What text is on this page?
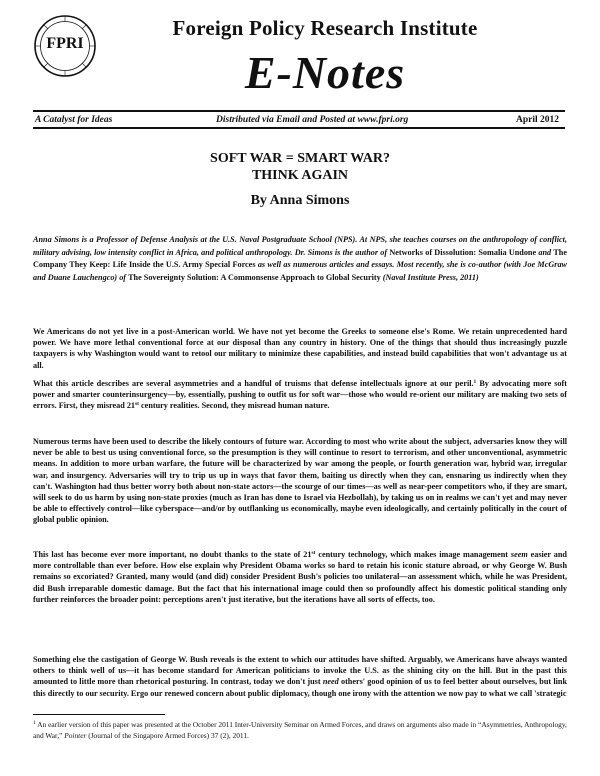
FPRI
Foreign Policy Research Institute
E-Notes
A Catalyst for Ideas	Distributed via Email and Posted at www.fpri.org	April 2012
SOFT WAR = SMART WAR?
THINK AGAIN
By Anna Simons
Anna Simons is a Professor of Defense Analysis at the U.S. Naval Postgraduate School (NPS). At NPS, she teaches courses on the anthropology of conflict, military advising, low intensity conflict in Africa, and political anthropology. Dr. Simons is the author of Networks of Dissolution: Somalia Undone and The Company They Keep: Life Inside the U.S. Army Special Forces as well as numerous articles and essays. Most recently, she is co-author (with Joe McGraw and Duane Lauchengco) of The Sovereignty Solution: A Commonsense Approach to Global Security (Naval Institute Press, 2011)

We Americans do not yet live in a post-American world. We have not yet become the Greeks to someone else's Rome. We retain unprecedented hard power. We have more lethal conventional force at our disposal than any country in history. One of the things that should thus increasingly puzzle taxpayers is why Washington would want to retool our military to minimize these capabilities, and instead build capabilities that won't advantage us at all.

What this article describes are several asymmetries and a handful of truisms that defense intellectuals ignore at our peril.$^1$ By advocating more soft power and smarter counterinsurgency—by, essentially, pushing to outfit us for soft war—those who would re-orient our military are making two sets of errors. First, they misread 21st century realities. Second, they misread human nature.

Numerous terms have been used to describe the likely contours of future war. According to most who write about the subject, adversaries know they will never be able to best us using conventional force, so the presumption is they will continue to resort to terrorism, and other unconventional, asymmetric means. In addition to more urban warfare, the future will be characterized by war among the people, or fourth generation war, hybrid war, irregular war, and insurgency. Adversaries will try to trip us up in ways that favor them, baiting us directly when they can, ensnaring us indirectly when they can't. Washington had thus better worry both about non-state actors—the scourge of our times—as well as near-peer competitors who, if they are smart, will seek to do us harm by using non-state proxies (much as Iran has done to Israel via Hezbollah), by taking us on in realms we can't yet and may never be able to effectively control—like cyberspace—and/or by outflanking us economically, maybe even ideologically, and certainly politically in the court of global public opinion.

This last has become ever more important, no doubt thanks to the state of 21st century technology, which makes image management seem easier and more controllable than ever before. How else explain why President Obama works so hard to retain his iconic stature abroad, or why George W. Bush remains so excoriated? Granted, many would (and did) consider President Bush's policies too unilateral—an assessment which, while he was President, did Bush irreparable domestic damage. But the fact that his international image could then so profoundly affect his domestic political standing only further reinforces the broader point: perceptions aren't just iterative, but the iterations have all sorts of effects, too.

Something else the castigation of George W. Bush reveals is the extent to which our attitudes have shifted. Arguably, we Americans have always wanted others to think well of us—it has become standard for American politicians to invoke the U.S. as the shining city on the hill. But in the past this amounted to little more than rhetorical posturing. In contrast, today we don't just need others' good opinion of us to feel better about ourselves, but link this directly to our security. Ergo our renewed concern about public diplomacy, though one irony with the attention we now pay to what we call 'strategic

$^1$ An earlier version of this paper was presented at the October 2011 Inter-University Seminar on Armed Forces, and draws on arguments also made in “Asymmetries, Anthropology, and War,” Pointer (Journal of the Singapore Armed Forces) 37 (2), 2011.
